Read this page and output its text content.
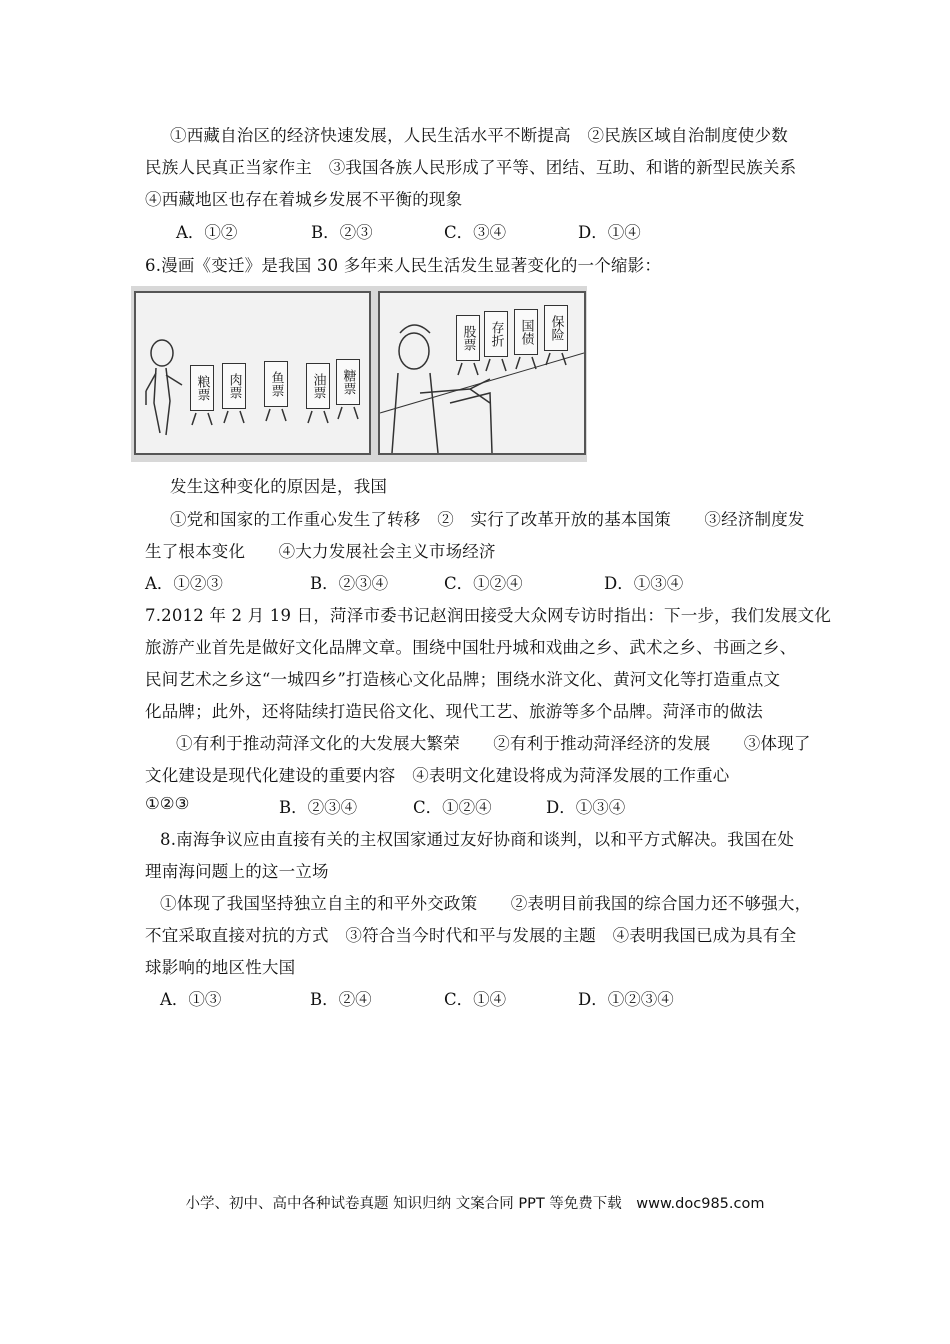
①西藏自治区的经济快速发展，人民生活水平不断提高　②民族区域自治制度使少数
民族人民真正当家作主　③我国各族人民形成了平等、团结、互助、和谐的新型民族关系
④西藏地区也存在着城乡发展不平衡的现象
A．①②	B．②③	C．③④	D．①④
6.漫画《变迁》是我国 30 多年来人民生活发生显著变化的一个缩影：
粮票 肉票 鱼票 油票 糖票
股票 存折 国债 保险
发生这种变化的原因是，我国
①党和国家的工作重心发生了转移　②　实行了改革开放的基本国策　　③经济制度发
生了根本变化　　④大力发展社会主义市场经济
A．①②③	B．②③④	C．①②④	D．①③④
7.2012 年 2 月 19 日，菏泽市委书记赵润田接受大众网专访时指出：下一步，我们发展文化
旅游产业首先是做好文化品牌文章。围绕中国牡丹城和戏曲之乡、武术之乡、书画之乡、
民间艺术之乡这“一城四乡”打造核心文化品牌；围绕水浒文化、黄河文化等打造重点文
化品牌；此外，还将陆续打造民俗文化、现代工艺、旅游等多个品牌。菏泽市的做法
①有利于推动菏泽文化的大发展大繁荣　　②有利于推动菏泽经济的发展　　③体现了
文化建设是现代化建设的重要内容　④表明文化建设将成为菏泽发展的工作重心
①②③	B．②③④	C．①②④	D．①③④
8.南海争议应由直接有关的主权国家通过友好协商和谈判，以和平方式解决。我国在处
理南海问题上的这一立场
①体现了我国坚持独立自主的和平外交政策　　②表明目前我国的综合国力还不够强大，
不宜采取直接对抗的方式　③符合当今时代和平与发展的主题　④表明我国已成为具有全
球影响的地区性大国
A．①③	B．②④	C．①④	D．①②③④
小学、初中、高中各种试卷真题 知识归纳 文案合同 PPT 等免费下载　www.doc985.com
